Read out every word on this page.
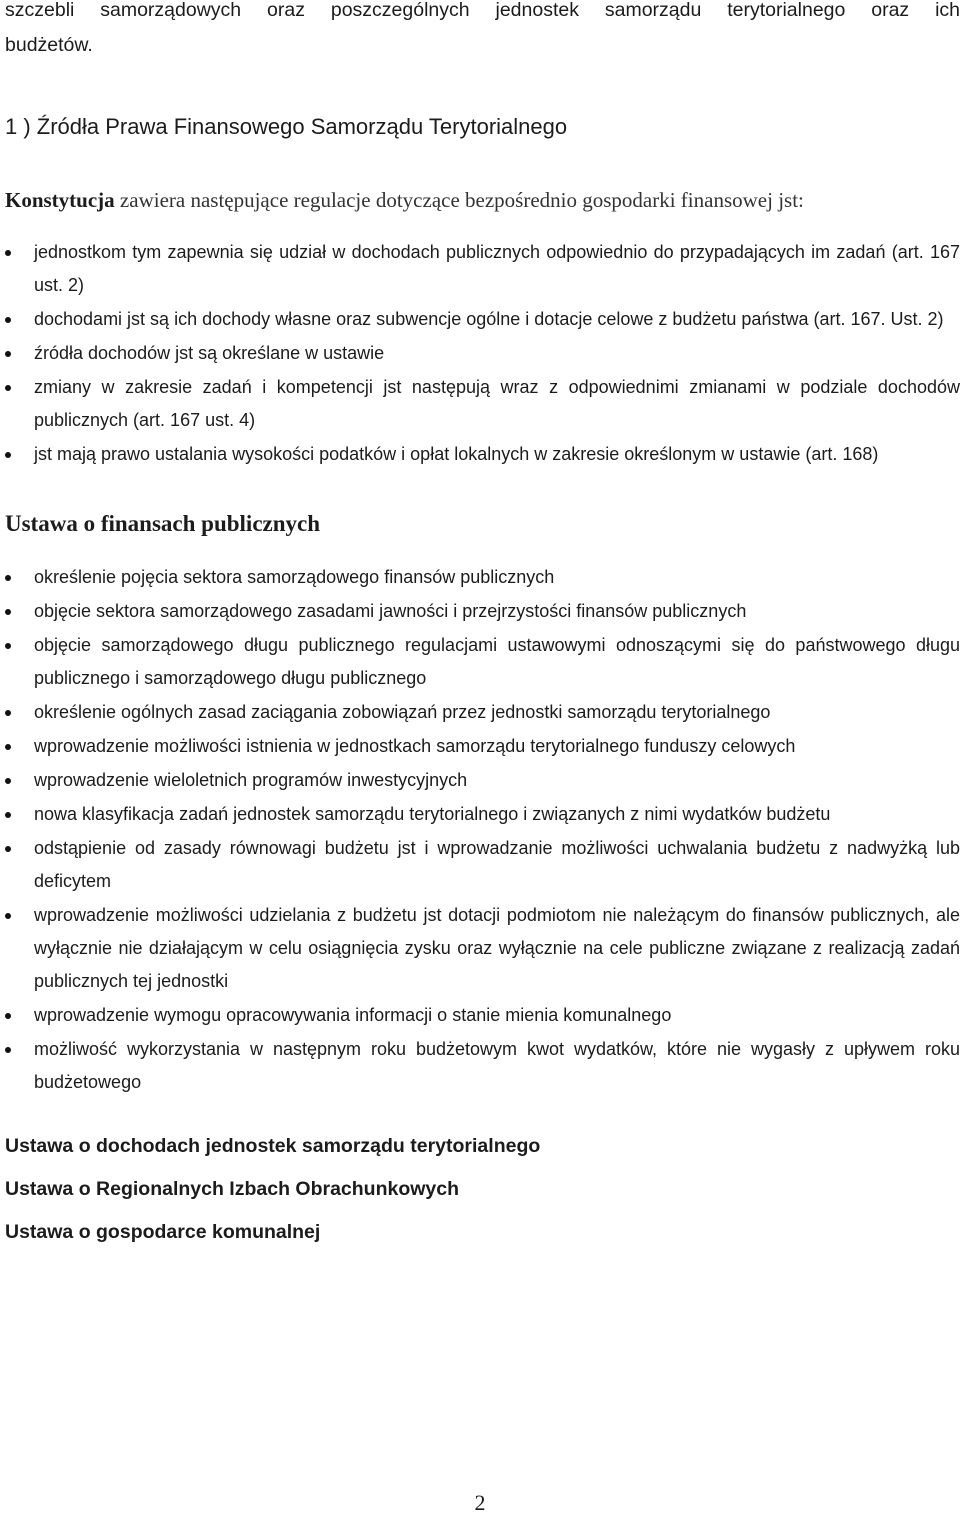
szczebli samorządowych oraz poszczególnych jednostek samorządu terytorialnego oraz ich
budżetów.

1 ) Źródła Prawa Finansowego Samorządu Terytorialnego

Konstytucja zawiera następujące regulacje dotyczące bezpośrednio gospodarki finansowej jst:

jednostkom tym zapewnia się udział w dochodach publicznych odpowiednio do przypadających im zadań (art. 167 ust. 2)
dochodami jst są ich dochody własne oraz subwencje ogólne i dotacje celowe z budżetu państwa (art. 167. Ust. 2)
źródła dochodów jst są określane w ustawie
zmiany w zakresie zadań i kompetencji jst następują wraz z odpowiednimi zmianami w podziale dochodów publicznych (art. 167 ust. 4)
jst mają prawo ustalania wysokości podatków i opłat lokalnych w zakresie określonym w ustawie (art. 168)
Ustawa o finansach publicznych
określenie pojęcia sektora samorządowego finansów publicznych
objęcie sektora samorządowego zasadami jawności i przejrzystości finansów publicznych
objęcie samorządowego długu publicznego regulacjami ustawowymi odnoszącymi się do państwowego długu publicznego i samorządowego długu publicznego
określenie ogólnych zasad zaciągania zobowiązań przez jednostki samorządu terytorialnego
wprowadzenie możliwości istnienia w jednostkach samorządu terytorialnego funduszy celowych
wprowadzenie wieloletnich programów inwestycyjnych
nowa klasyfikacja zadań jednostek samorządu terytorialnego i związanych z nimi wydatków budżetu
odstąpienie od zasady równowagi budżetu jst i wprowadzanie możliwości uchwalania budżetu z nadwyżką lub deficytem
wprowadzenie możliwości udzielania z budżetu jst dotacji podmiotom nie należącym do finansów publicznych, ale wyłącznie nie działającym w celu osiągnięcia zysku oraz wyłącznie na cele publiczne związane z realizacją zadań publicznych tej jednostki
wprowadzenie wymogu opracowywania informacji o stanie mienia komunalnego
możliwość wykorzystania w następnym roku budżetowym kwot wydatków, które nie wygasły z upływem roku budżetowego
Ustawa o dochodach jednostek samorządu terytorialnego
Ustawa o Regionalnych Izbach Obrachunkowych
Ustawa o gospodarce komunalnej
2
